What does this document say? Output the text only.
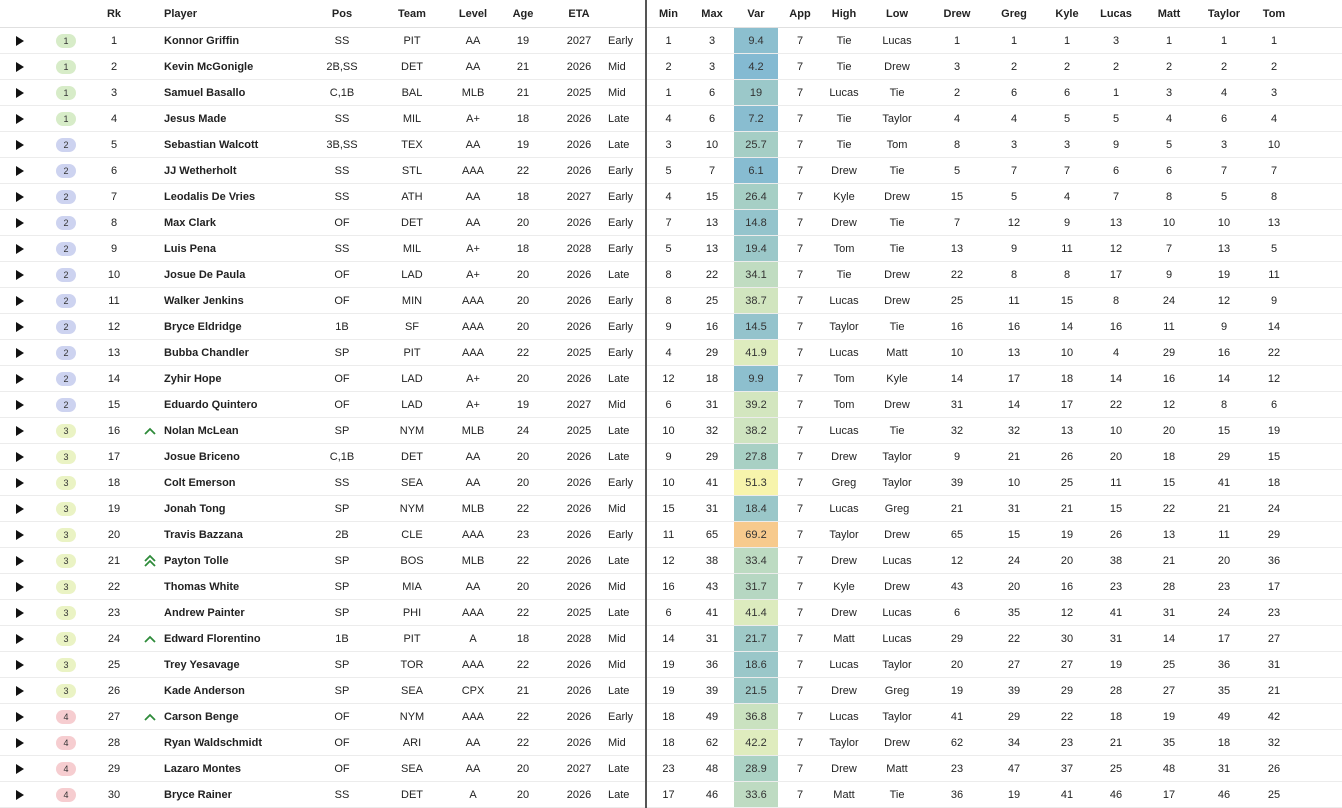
		Rk		Player	Pos	Team	Level	Age	ETA		Min	Max	Var	App	High	Low	Drew	Greg	Kyle	Lucas	Matt	Taylor	Tom	
	1	1		Konnor Griffin	SS	PIT	AA	19	2027	Early	1	3	9.4	7	Tie	Lucas	1	1	1	3	1	1	1	
	1	2		Kevin McGonigle	2B,SS	DET	AA	21	2026	Mid	2	3	4.2	7	Tie	Drew	3	2	2	2	2	2	2	
	1	3		Samuel Basallo	C,1B	BAL	MLB	21	2025	Mid	1	6	19	7	Lucas	Tie	2	6	6	1	3	4	3	
	1	4		Jesus Made	SS	MIL	A+	18	2026	Late	4	6	7.2	7	Tie	Taylor	4	4	5	5	4	6	4	
	2	5		Sebastian Walcott	3B,SS	TEX	AA	19	2026	Late	3	10	25.7	7	Tie	Tom	8	3	3	9	5	3	10	
	2	6		JJ Wetherholt	SS	STL	AAA	22	2026	Early	5	7	6.1	7	Drew	Tie	5	7	7	6	6	7	7	
	2	7		Leodalis De Vries	SS	ATH	AA	18	2027	Early	4	15	26.4	7	Kyle	Drew	15	5	4	7	8	5	8	
	2	8		Max Clark	OF	DET	AA	20	2026	Early	7	13	14.8	7	Drew	Tie	7	12	9	13	10	10	13	
	2	9		Luis Pena	SS	MIL	A+	18	2028	Early	5	13	19.4	7	Tom	Tie	13	9	11	12	7	13	5	
	2	10		Josue De Paula	OF	LAD	A+	20	2026	Late	8	22	34.1	7	Tie	Drew	22	8	8	17	9	19	11	
	2	11		Walker Jenkins	OF	MIN	AAA	20	2026	Early	8	25	38.7	7	Lucas	Drew	25	11	15	8	24	12	9	
	2	12		Bryce Eldridge	1B	SF	AAA	20	2026	Early	9	16	14.5	7	Taylor	Tie	16	16	14	16	11	9	14	
	2	13		Bubba Chandler	SP	PIT	AAA	22	2025	Early	4	29	41.9	7	Lucas	Matt	10	13	10	4	29	16	22	
	2	14		Zyhir Hope	OF	LAD	A+	20	2026	Late	12	18	9.9	7	Tom	Kyle	14	17	18	14	16	14	12	
	2	15		Eduardo Quintero	OF	LAD	A+	19	2027	Mid	6	31	39.2	7	Tom	Drew	31	14	17	22	12	8	6	
	3	16		Nolan McLean	SP	NYM	MLB	24	2025	Late	10	32	38.2	7	Lucas	Tie	32	32	13	10	20	15	19	
	3	17		Josue Briceno	C,1B	DET	AA	20	2026	Late	9	29	27.8	7	Drew	Taylor	9	21	26	20	18	29	15	
	3	18		Colt Emerson	SS	SEA	AA	20	2026	Early	10	41	51.3	7	Greg	Taylor	39	10	25	11	15	41	18	
	3	19		Jonah Tong	SP	NYM	MLB	22	2026	Mid	15	31	18.4	7	Lucas	Greg	21	31	21	15	22	21	24	
	3	20		Travis Bazzana	2B	CLE	AAA	23	2026	Early	11	65	69.2	7	Taylor	Drew	65	15	19	26	13	11	29	
	3	21		Payton Tolle	SP	BOS	MLB	22	2026	Late	12	38	33.4	7	Drew	Lucas	12	24	20	38	21	20	36	
	3	22		Thomas White	SP	MIA	AA	20	2026	Mid	16	43	31.7	7	Kyle	Drew	43	20	16	23	28	23	17	
	3	23		Andrew Painter	SP	PHI	AAA	22	2025	Late	6	41	41.4	7	Drew	Lucas	6	35	12	41	31	24	23	
	3	24		Edward Florentino	1B	PIT	A	18	2028	Mid	14	31	21.7	7	Matt	Lucas	29	22	30	31	14	17	27	
	3	25		Trey Yesavage	SP	TOR	AAA	22	2026	Mid	19	36	18.6	7	Lucas	Taylor	20	27	27	19	25	36	31	
	3	26		Kade Anderson	SP	SEA	CPX	21	2026	Late	19	39	21.5	7	Drew	Greg	19	39	29	28	27	35	21	
	4	27		Carson Benge	OF	NYM	AAA	22	2026	Early	18	49	36.8	7	Lucas	Taylor	41	29	22	18	19	49	42	
	4	28		Ryan Waldschmidt	OF	ARI	AA	22	2026	Mid	18	62	42.2	7	Taylor	Drew	62	34	23	21	35	18	32	
	4	29		Lazaro Montes	OF	SEA	AA	20	2027	Late	23	48	28.9	7	Drew	Matt	23	47	37	25	48	31	26	
	4	30		Bryce Rainer	SS	DET	A	20	2026	Late	17	46	33.6	7	Matt	Tie	36	19	41	46	17	46	25	
